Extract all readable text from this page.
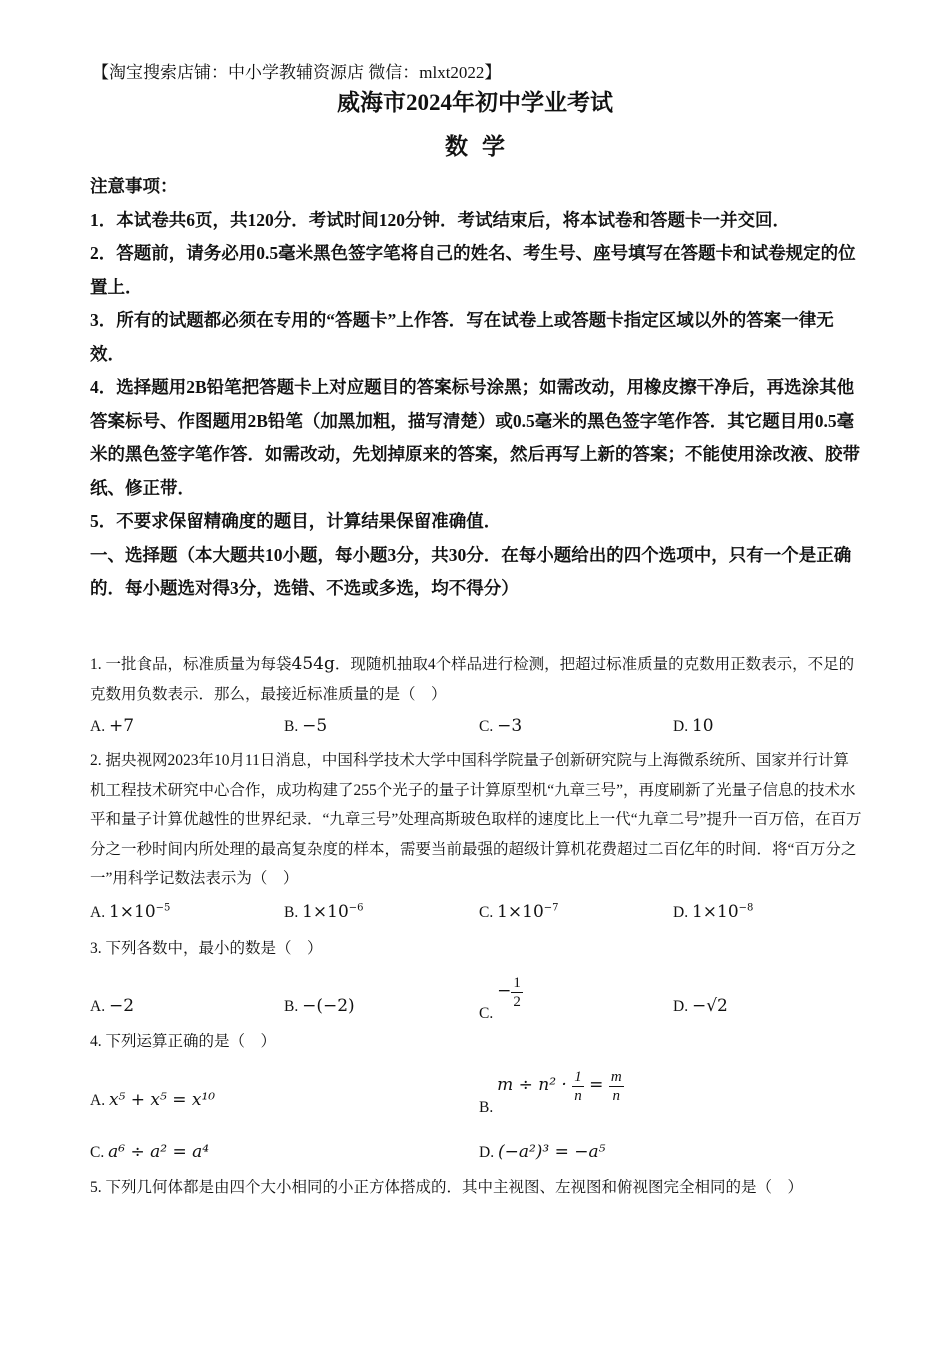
【淘宝搜索店铺：中小学教辅资源店 微信：mlxt2022】
威海市2024年初中学业考试
数学

注意事项：

1．本试卷共6页，共120分．考试时间120分钟．考试结束后，将本试卷和答题卡一并交回．

2．答题前，请务必用0.5毫米黑色签字笔将自己的姓名、考生号、座号填写在答题卡和试卷规定的位置上．

3．所有的试题都必须在专用的“答题卡”上作答．写在试卷上或答题卡指定区域以外的答案一律无效．

4．选择题用2B铅笔把答题卡上对应题目的答案标号涂黑；如需改动，用橡皮擦干净后，再选涂其他答案标号、作图题用2B铅笔（加黑加粗，描写清楚）或0.5毫米的黑色签字笔作答．其它题目用0.5毫米的黑色签字笔作答．如需改动，先划掉原来的答案，然后再写上新的答案；不能使用涂改液、胶带纸、修正带．

5．不要求保留精确度的题目，计算结果保留准确值．

一、选择题（本大题共10小题，每小题3分，共30分．在每小题给出的四个选项中，只有一个是正确的．每小题选对得3分，选错、不选或多选，均不得分）

1. 一批食品，标准质量为每袋454g．现随机抽取4个样品进行检测，把超过标准质量的克数用正数表示，不足的克数用负数表示．那么，最接近标准质量的是（　）

A. +7	B. −5	C. −3	D. 10

2. 据央视网2023年10月11日消息，中国科学技术大学中国科学院量子创新研究院与上海微系统所、国家并行计算机工程技术研究中心合作，成功构建了255个光子的量子计算原型机“九章三号”，再度刷新了光量子信息的技术水平和量子计算优越性的世界纪录．“九章三号”处理高斯玻色取样的速度比上一代“九章二号”提升一百万倍，在百万分之一秒时间内所处理的最高复杂度的样本，需要当前最强的超级计算机花费超过二百亿年的时间．将“百万分之一”用科学记数法表示为（　）

A. $1\times 10^{-5}$	B. $1\times 10^{-6}$	C. $1\times 10^{-7}$	D. $1\times 10^{-8}$

3. 下列各数中，最小的数是（　）

A. −2	B. −(−2)	C. − $\frac{1}{2}$	D. −√2

4. 下列运算正确的是（　）

A. x⁵ + x⁵ = x¹⁰	B. $m \div n^2 \cdot \frac{1}{n} = \frac{m}{n}$
C. a⁶ ÷ a² = a⁴	D. (−a²)³ = −a⁵

5. 下列几何体都是由四个大小相同的小正方体搭成的．其中主视图、左视图和俯视图完全相同的是（　）
